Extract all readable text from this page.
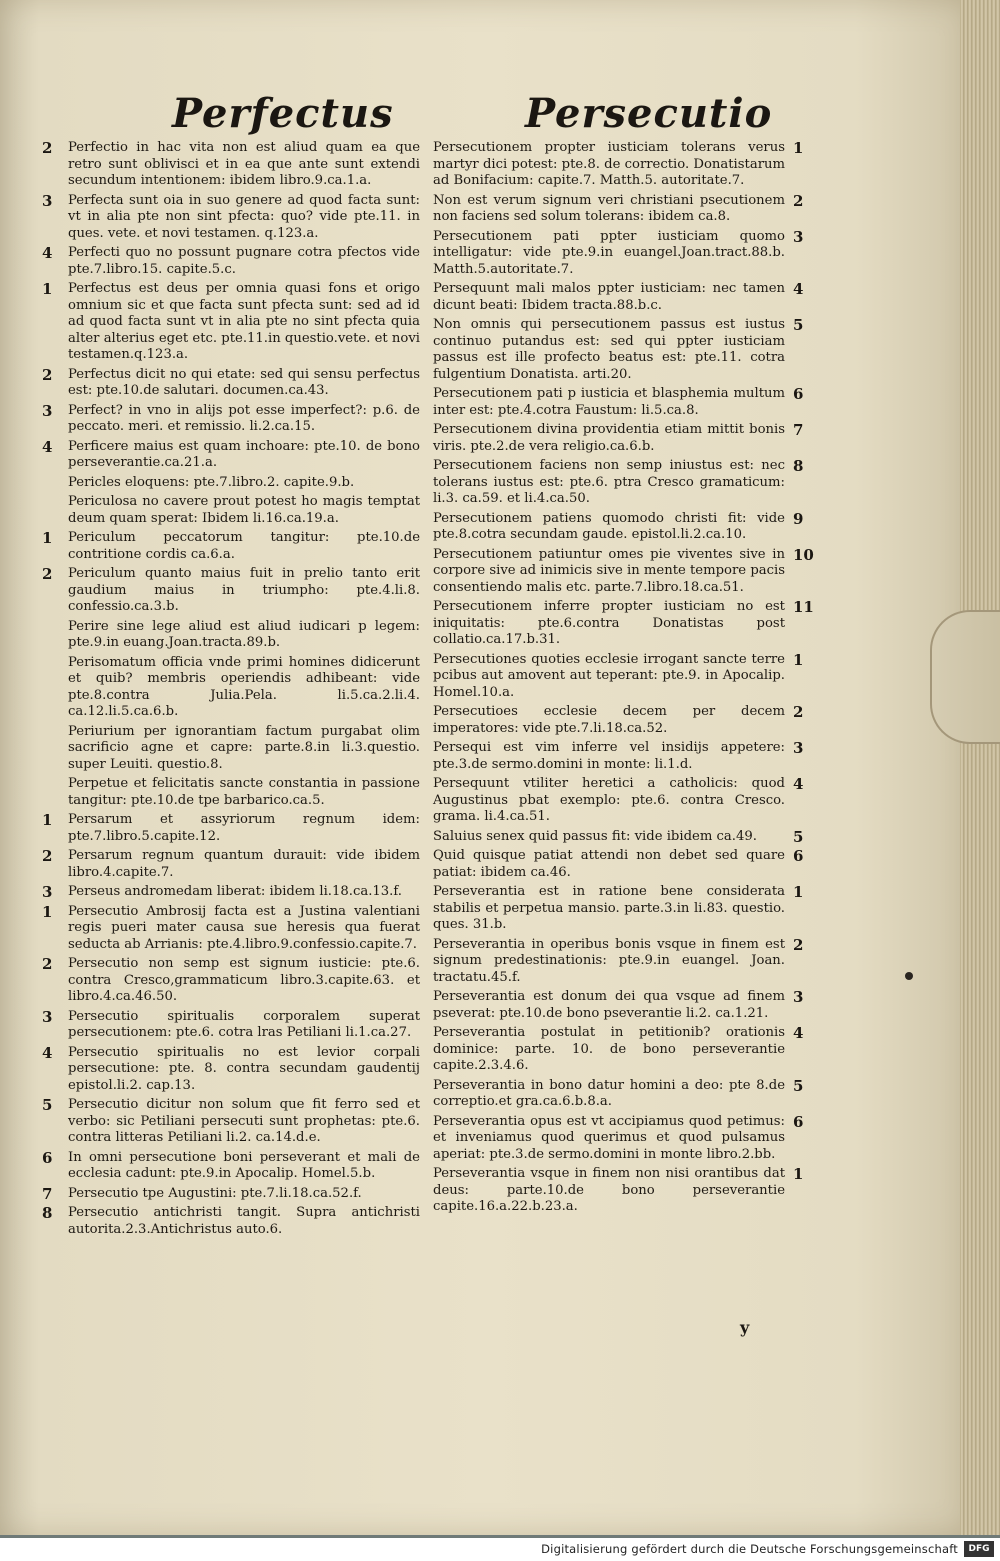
Perfectus	Persecutio
2 Perfectio in hac vita non est aliud quam ea que retro sunt oblivisci et in ea que ante sunt extendi secundum intentionem: ibidem libro.9.ca.1.a.
3 Perfecta sunt oia in suo genere ad quod facta sunt: vt in alia pte non sint pfecta: quo? vide pte.11. in ques. vete. et novi testamen. q.123.a.
4 Perfecti quo no possunt pugnare cotra pfectos vide pte.7.libro.15. capite.5.c.
1 Perfectus est deus per omnia quasi fons et origo omnium sic et que facta sunt pfecta sunt: sed ad id ad quod facta sunt vt in alia pte no sint pfecta quia alter alterius eget etc. pte.11.in questio.vete. et novi testamen.q.123.a.
2 Perfectus dicit no qui etate: sed qui sensu perfectus est: pte.10.de salutari. documen.ca.43.
3 Perfect? in vno in alijs pot esse imperfect?: p.6. de peccato. meri. et remissio. li.2.ca.15.
4 Perficere maius est quam inchoare: pte.10. de bono perseverantie.ca.21.a.
Pericles eloquens: pte.7.libro.2. capite.9.b.
Periculosa no cavere prout potest ho magis temptat deum quam sperat: Ibidem li.16.ca.19.a.
1 Periculum peccatorum tangitur: pte.10.de contritione cordis ca.6.a.
2 Periculum quanto maius fuit in prelio tanto erit gaudium maius in triumpho: pte.4.li.8. confessio.ca.3.b.
Perire sine lege aliud est aliud iudicari p legem: pte.9.in euang.Joan.tracta.89.b.
Perisomatum officia vnde primi homines didicerunt et quib? membris operiendis adhibeant: vide pte.8.contra Julia.Pela. li.5.ca.2.li.4. ca.12.li.5.ca.6.b.
Periurium per ignorantiam factum purgabat olim sacrificio agne et capre: parte.8.in li.3.questio. super Leuiti. questio.8.
Perpetue et felicitatis sancte constantia in passione tangitur: pte.10.de tpe barbarico.ca.5.
1 Persarum et assyriorum regnum idem: pte.7.libro.5.capite.12.
2 Persarum regnum quantum durauit: vide ibidem libro.4.capite.7.
3 Perseus andromedam liberat: ibidem li.18.ca.13.f.
1 Persecutio Ambrosij facta est a Justina valentiani regis pueri mater causa sue heresis qua fuerat seducta ab Arrianis: pte.4.libro.9.confessio.capite.7.
2 Persecutio non semp est signum iusticie: pte.6. contra Cresco,grammaticum libro.3.capite.63. et libro.4.ca.46.50.
3 Persecutio spiritualis corporalem superat persecutionem: pte.6. cotra lras Petiliani li.1.ca.27.
4 Persecutio spiritualis no est levior corpali persecutione: pte. 8. contra secundam gaudentij epistol.li.2. cap.13.
5 Persecutio dicitur non solum que fit ferro sed et verbo: sic Petiliani persecuti sunt prophetas: pte.6. contra litteras Petiliani li.2. ca.14.d.e.
6 In omni persecutione boni perseverant et mali de ecclesia cadunt: pte.9.in Apocalip. Homel.5.b.
7 Persecutio tpe Augustini: pte.7.li.18.ca.52.f.
8 Persecutio antichristi tangit. Supra antichristi autorita.2.3.Antichristus auto.6.
1
Persecutionem propter iusticiam tolerans verus martyr dici potest: pte.8. de correctio. Donatistarum ad Bonifacium: capite.7. Matth.5. autoritate.7.
2
Non est verum signum veri christiani psecutionem non faciens sed solum tolerans: ibidem ca.8.
3
Persecutionem pati ppter iusticiam quomo intelligatur: vide pte.9.in euangel.Joan.tract.88.b. Matth.5.autoritate.7.
4
Persequunt mali malos ppter iusticiam: nec tamen dicunt beati: Ibidem tracta.88.b.c.
5
Non omnis qui persecutionem passus est iustus continuo putandus est: sed qui ppter iusticiam passus est ille profecto beatus est: pte.11. cotra fulgentium Donatista. arti.20.
6
Persecutionem pati p iusticia et blasphemia multum inter est: pte.4.cotra Faustum: li.5.ca.8.
7
Persecutionem divina providentia etiam mittit bonis viris. pte.2.de vera religio.ca.6.b.
8
Persecutionem faciens non semp iniustus est: nec tolerans iustus est: pte.6. ptra Cresco gramaticum: li.3. ca.59. et li.4.ca.50.
9
Persecutionem patiens quomodo christi fit: vide pte.8.cotra secundam gaude. epistol.li.2.ca.10.
10
Persecutionem patiuntur omes pie viventes sive in corpore sive ad inimicis sive in mente tempore pacis consentiendo malis etc. parte.7.libro.18.ca.51.
11
Persecutionem inferre propter iusticiam no est iniquitatis: pte.6.contra Donatistas post collatio.ca.17.b.31.
1
Persecutiones quoties ecclesie irrogant sancte terre pcibus aut amovent aut teperant: pte.9. in Apocalip. Homel.10.a.
2
Persecutioes ecclesie decem per decem imperatores: vide pte.7.li.18.ca.52.
3
Persequi est vim inferre vel insidijs appetere: pte.3.de sermo.domini in monte: li.1.d.
4
Persequunt vtiliter heretici a catholicis: quod Augustinus pbat exemplo: pte.6. contra Cresco. grama. li.4.ca.51.
5
Saluius senex quid passus fit: vide ibidem ca.49.
6
Quid quisque patiat attendi non debet sed quare patiat: ibidem ca.46.
1
Perseverantia est in ratione bene considerata stabilis et perpetua mansio. parte.3.in li.83. questio. ques. 31.b.
2
Perseverantia in operibus bonis vsque in finem est signum predestinationis: pte.9.in euangel. Joan. tractatu.45.f.
3
Perseverantia est donum dei qua vsque ad finem pseverat: pte.10.de bono pseverantie li.2. ca.1.21.
4
Perseverantia postulat in petitionib? orationis dominice: parte. 10. de bono perseverantie capite.2.3.4.6.
5
Perseverantia in bono datur homini a deo: pte 8.de correptio.et gra.ca.6.b.8.a.
6
Perseverantia opus est vt accipiamus quod petimus: et inveniamus quod querimus et quod pulsamus aperiat: pte.3.de sermo.domini in monte libro.2.bb.
1
Perseverantia vsque in finem non nisi orantibus dat deus: parte.10.de bono perseverantie capite.16.a.22.b.23.a.
y
Digitalisierung gefördert durch die Deutsche Forschungsgemeinschaft	DFG
